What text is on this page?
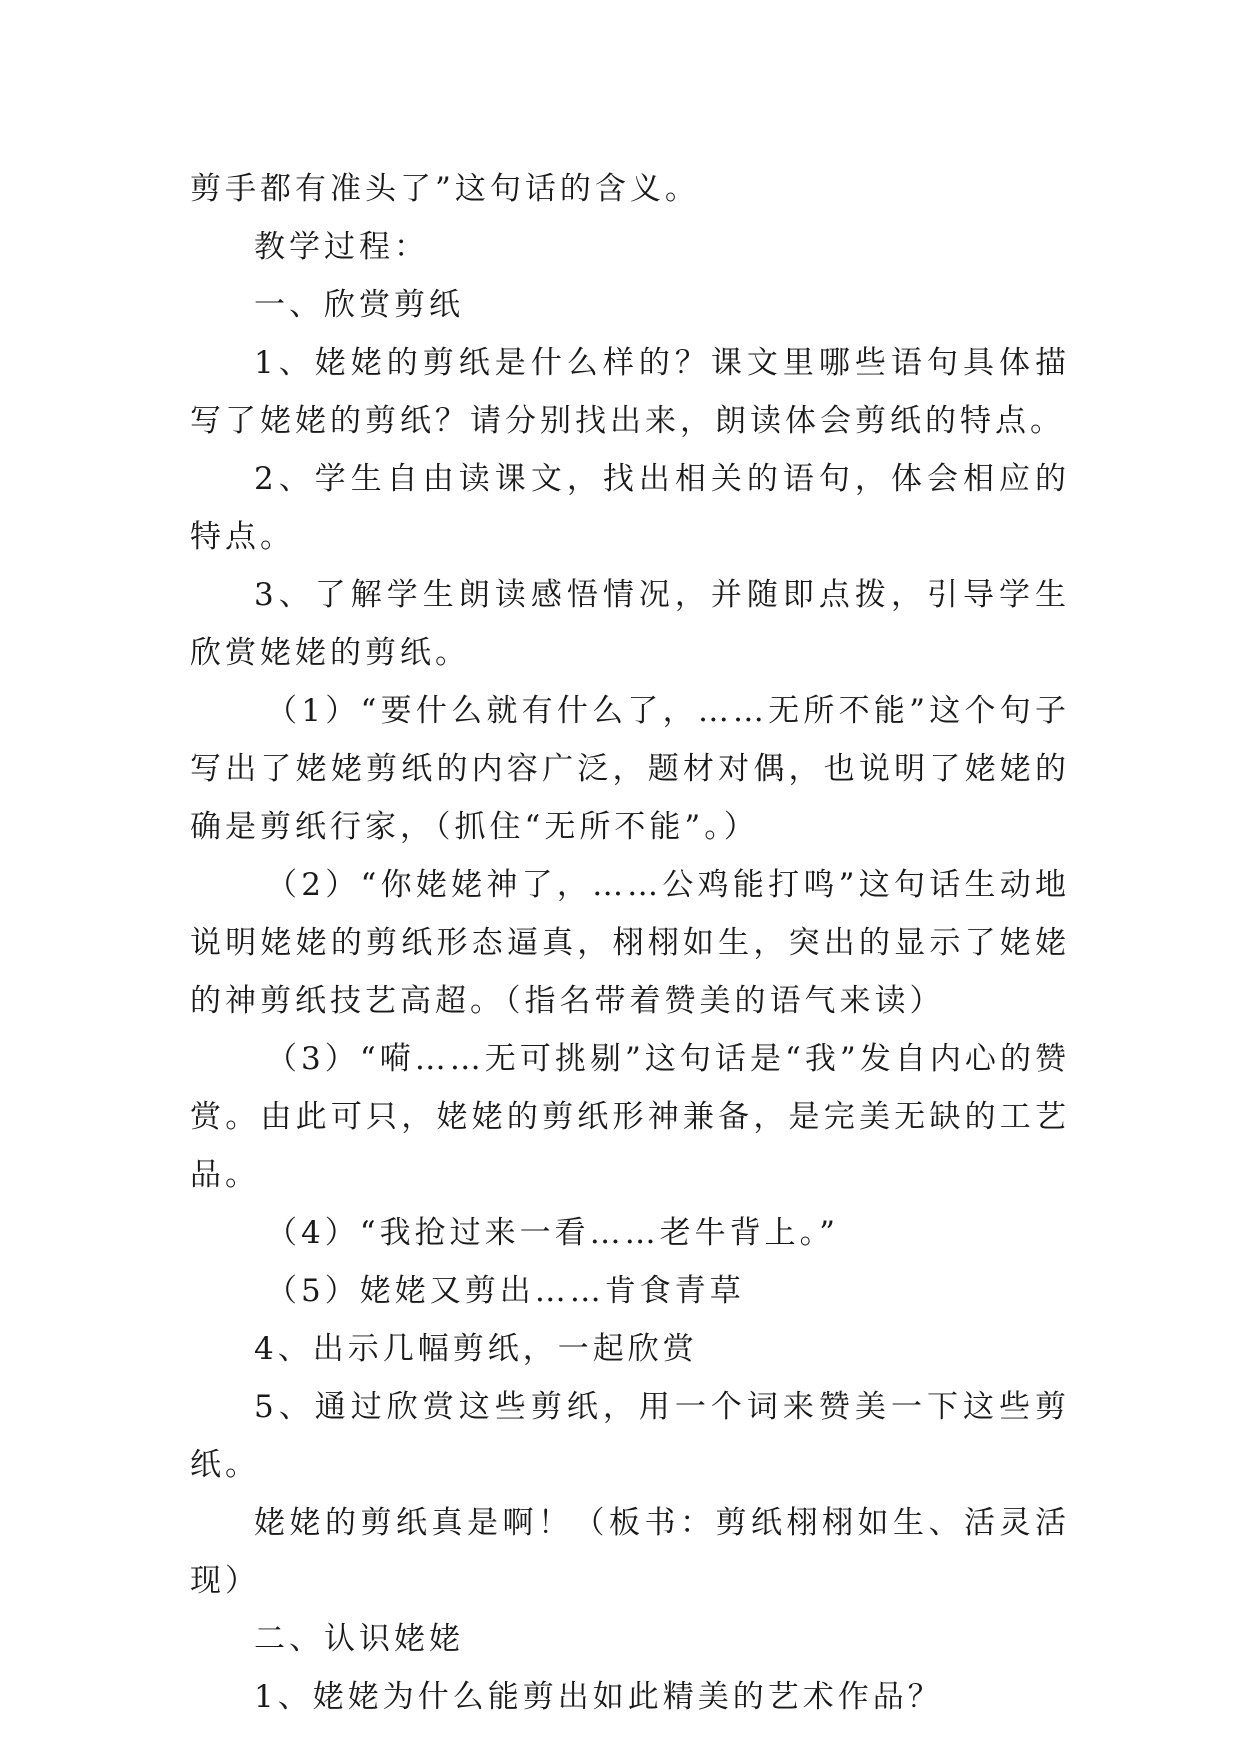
剪手都有准头了”这句话的含义。

教学过程：

一、欣赏剪纸

1、姥姥的剪纸是什么样的？课文里哪些语句具体描写了姥姥的剪纸？请分别找出来，朗读体会剪纸的特点。

2、学生自由读课文，找出相关的语句，体会相应的特点。

3、了解学生朗读感悟情况，并随即点拨，引导学生欣赏姥姥的剪纸。

（1）“要什么就有什么了，……无所不能”这个句子写出了姥姥剪纸的内容广泛，题材对偶，也说明了姥姥的确是剪纸行家，（抓住“无所不能”。）

（2）“你姥姥神了，……公鸡能打鸣”这句话生动地说明姥姥的剪纸形态逼真，栩栩如生，突出的显示了姥姥的神剪纸技艺高超。（指名带着赞美的语气来读）

（3）“嗬……无可挑剔”这句话是“我”发自内心的赞赏。由此可只，姥姥的剪纸形神兼备，是完美无缺的工艺品。

（4）“我抢过来一看……老牛背上。”

（5）姥姥又剪出……肯食青草

4、出示几幅剪纸，一起欣赏

5、通过欣赏这些剪纸，用一个词来赞美一下这些剪纸。

姥姥的剪纸真是啊！（板书：剪纸栩栩如生、活灵活现）

二、认识姥姥

1、姥姥为什么能剪出如此精美的艺术作品？
